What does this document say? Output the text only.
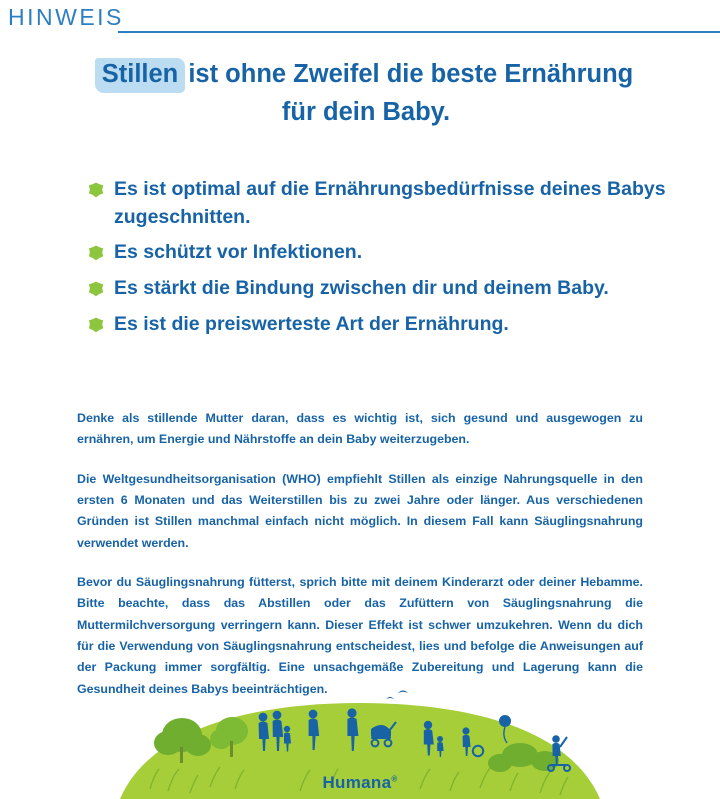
HINWEIS
Stillen ist ohne Zweifel die beste Ernährung
für dein Baby.
Es ist optimal auf die Ernährungsbedürfnisse deines Babys zugeschnitten.
Es schützt vor Infektionen.
Es stärkt die Bindung zwischen dir und deinem Baby.
Es ist die preiswerteste Art der Ernährung.

Denke als stillende Mutter daran, dass es wichtig ist, sich gesund und ausgewogen zu ernähren, um Energie und Nährstoffe an dein Baby weiterzugeben.

Die Weltgesundheitsorganisation (WHO) empfiehlt Stillen als einzige Nahrungsquelle in den ersten 6 Monaten und das Weiterstillen bis zu zwei Jahre oder länger. Aus verschiedenen Gründen ist Stillen manchmal einfach nicht möglich. In diesem Fall kann Säuglingsnahrung verwendet werden.

Bevor du Säuglingsnahrung fütterst, sprich bitte mit deinem Kinderarzt oder deiner Hebamme. Bitte beachte, dass das Abstillen oder das Zufüttern von Säuglingsnahrung die Muttermilchversorgung verringern kann. Dieser Effekt ist schwer umzukehren. Wenn du dich für die Verwendung von Säuglingsnahrung entscheidest, lies und befolge die Anweisungen auf der Packung immer sorgfältig. Eine unsachgemäße Zubereitung und Lagerung kann die Gesundheit deines Babys beeinträchtigen.

Humana®
